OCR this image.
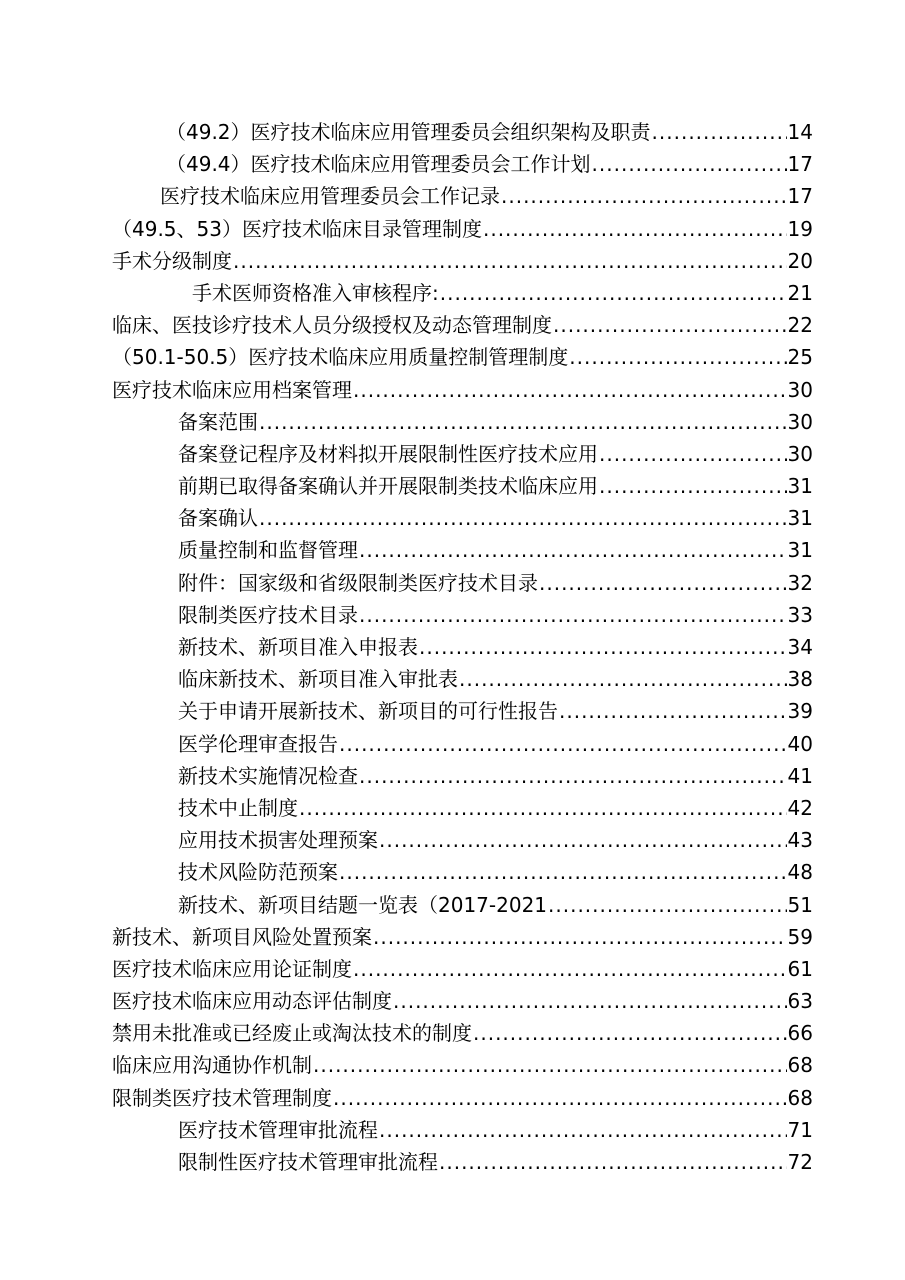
（49.2）医疗技术临床应用管理委员会组织架构及职责 .....	14
（49.4）医疗技术临床应用管理委员会工作计划 .....	17
医疗技术临床应用管理委员会工作记录 .....	17
（49.5、53）医疗技术临床目录管理制度 .....	19
手术分级制度 .....	20
手术医师资格准入审核程序: .....	21
临床、医技诊疗技术人员分级授权及动态管理制度 .....	22
（50.1-50.5）医疗技术临床应用质量控制管理制度 .....	25
医疗技术临床应用档案管理 .....	30
备案范围 .....	30
备案登记程序及材料拟开展限制性医疗技术应用 .....	30
前期已取得备案确认并开展限制类技术临床应用 .....	31
备案确认 .....	31
质量控制和监督管理 .....	31
附件：国家级和省级限制类医疗技术目录 .....	32
限制类医疗技术目录 .....	33
新技术、新项目准入申报表 .....	34
临床新技术、新项目准入审批表 .....	38
关于申请开展新技术、新项目的可行性报告 .....	39
医学伦理审查报告 .....	40
新技术实施情况检查 .....	41
技术中止制度 .....	42
应用技术损害处理预案 .....	43
技术风险防范预案 .....	48
新技术、新项目结题一览表（2017-2021 .....	51
新技术、新项目风险处置预案 .....	59
医疗技术临床应用论证制度 .....	61
医疗技术临床应用动态评估制度 .....	63
禁用未批准或已经废止或淘汰技术的制度 .....	66
临床应用沟通协作机制 .....	68
限制类医疗技术管理制度 .....	68
医疗技术管理审批流程 .....	71
限制性医疗技术管理审批流程 .....	72
